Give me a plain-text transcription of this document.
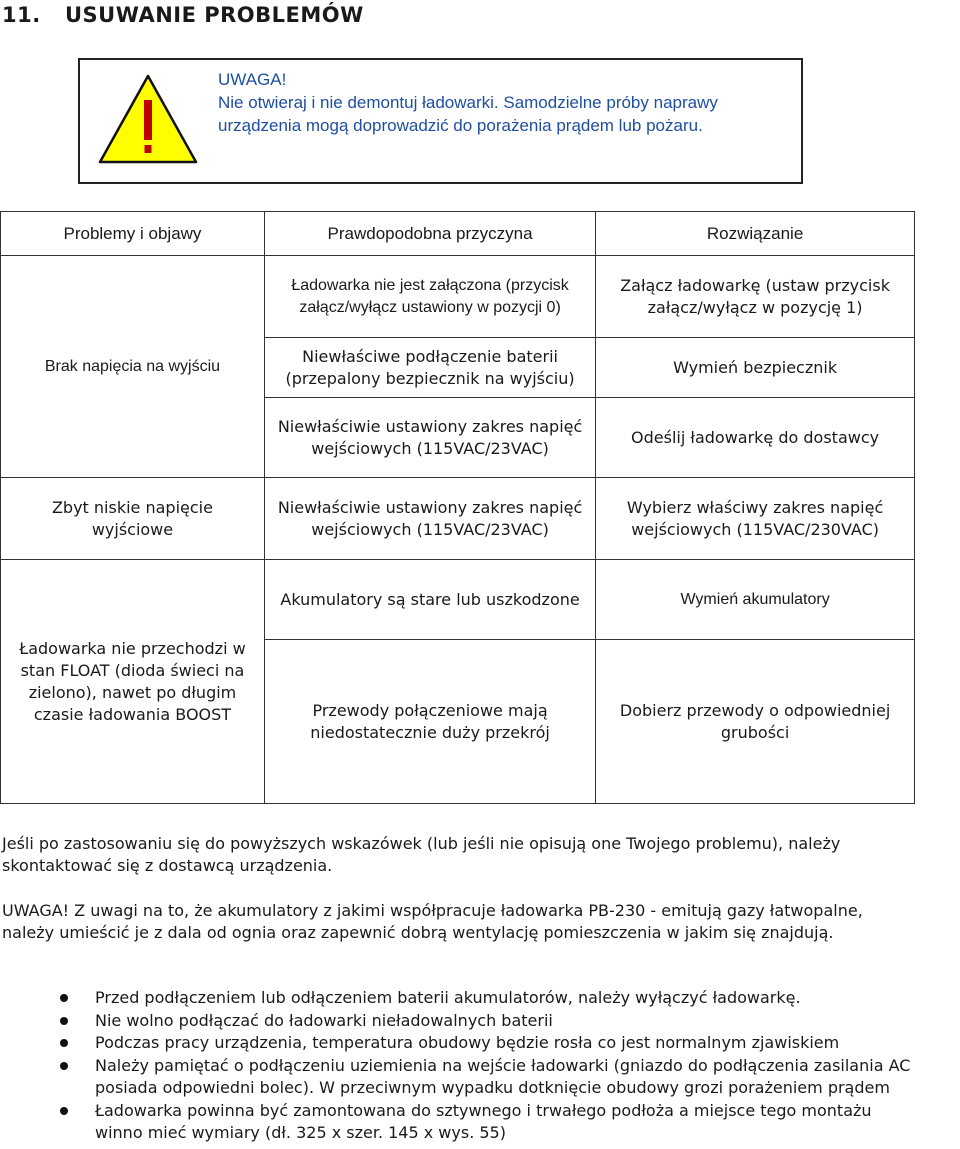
11. USUWANIE PROBLEMÓW
UWAGA!
Nie otwieraj i nie demontuj ładowarki. Samodzielne próby naprawy
urządzenia mogą doprowadzić do porażenia prądem lub pożaru.
Problemy i objawy	Prawdopodobna przyczyna	Rozwiązanie
Brak napięcia na wyjściu	Ładowarka nie jest załączona (przycisk załącz/wyłącz ustawiony w pozycji 0)	Załącz ładowarkę (ustaw przycisk załącz/wyłącz w pozycję 1)
	Niewłaściwe podłączenie baterii (przepalony bezpiecznik na wyjściu)	Wymień bezpiecznik
	Niewłaściwie ustawiony zakres napięć wejściowych (115VAC/23VAC)	Odeślij ładowarkę do dostawcy
Zbyt niskie napięcie wyjściowe	Niewłaściwie ustawiony zakres napięć wejściowych (115VAC/23VAC)	Wybierz właściwy zakres napięć wejściowych (115VAC/230VAC)
Ładowarka nie przechodzi w stan FLOAT (dioda świeci na zielono), nawet po długim czasie ładowania BOOST	Akumulatory są stare lub uszkodzone	Wymień akumulatory
	Przewody połączeniowe mają niedostatecznie duży przekrój	Dobierz przewody o odpowiedniej grubości
Jeśli po zastosowaniu się do powyższych wskazówek (lub jeśli nie opisują one Twojego problemu), należy
skontaktować się z dostawcą urządzenia.
UWAGA! Z uwagi na to, że akumulatory z jakimi współpracuje ładowarka PB-230 - emitują gazy łatwopalne,
należy umieścić je z dala od ognia oraz zapewnić dobrą wentylację pomieszczenia w jakim się znajdują.
Przed podłączeniem lub odłączeniem baterii akumulatorów, należy wyłączyć ładowarkę.
Nie wolno podłączać do ładowarki nieładowalnych baterii
Podczas pracy urządzenia, temperatura obudowy będzie rosła co jest normalnym zjawiskiem
Należy pamiętać o podłączeniu uziemienia na wejście ładowarki (gniazdo do podłączenia zasilania AC
posiada odpowiedni bolec). W przeciwnym wypadku dotknięcie obudowy grozi porażeniem prądem
Ładowarka powinna być zamontowana do sztywnego i trwałego podłoża a miejsce tego montażu
winno mieć wymiary (dł. 325 x szer. 145 x wys. 55)
